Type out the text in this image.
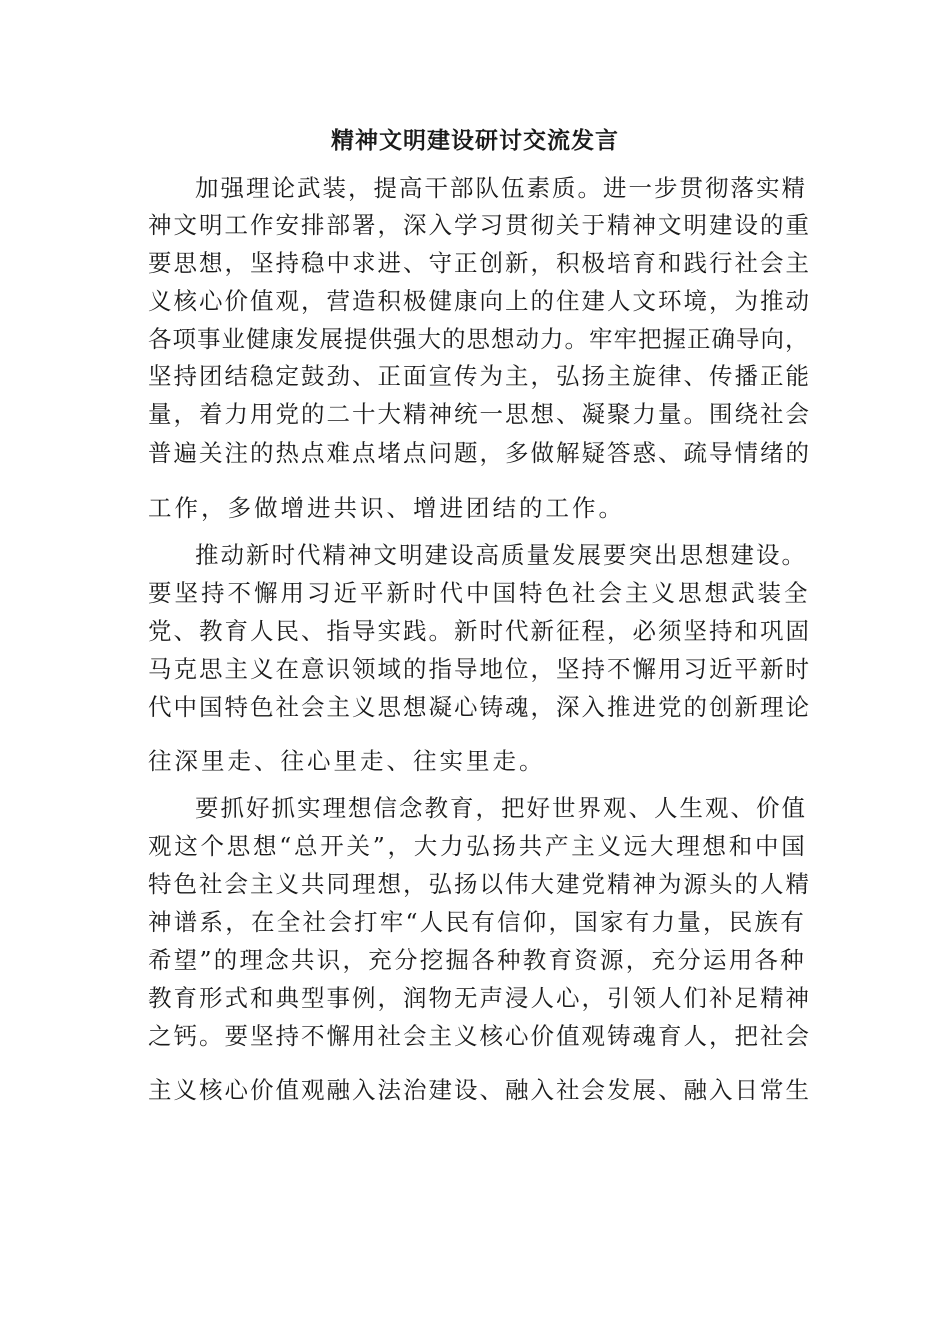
精神文明建设研讨交流发言
加强理论武装，提高干部队伍素质。进一步贯彻落实精
神文明工作安排部署，深入学习贯彻关于精神文明建设的重
要思想，坚持稳中求进、守正创新，积极培育和践行社会主
义核心价值观，营造积极健康向上的住建人文环境，为推动
各项事业健康发展提供强大的思想动力。牢牢把握正确导向，
坚持团结稳定鼓劲、正面宣传为主，弘扬主旋律、传播正能
量，着力用党的二十大精神统一思想、凝聚力量。围绕社会
普遍关注的热点难点堵点问题，多做解疑答惑、疏导情绪的
工作，多做增进共识、增进团结的工作。
推动新时代精神文明建设高质量发展要突出思想建设。
要坚持不懈用习近平新时代中国特色社会主义思想武装全
党、教育人民、指导实践。新时代新征程，必须坚持和巩固
马克思主义在意识领域的指导地位，坚持不懈用习近平新时
代中国特色社会主义思想凝心铸魂，深入推进党的创新理论
往深里走、往心里走、往实里走。
要抓好抓实理想信念教育，把好世界观、人生观、价值
观这个思想“总开关”，大力弘扬共产主义远大理想和中国
特色社会主义共同理想，弘扬以伟大建党精神为源头的人精
神谱系，在全社会打牢“人民有信仰，国家有力量，民族有
希望”的理念共识，充分挖掘各种教育资源，充分运用各种
教育形式和典型事例，润物无声浸人心，引领人们补足精神
之钙。要坚持不懈用社会主义核心价值观铸魂育人，把社会
主义核心价值观融入法治建设、融入社会发展、融入日常生
